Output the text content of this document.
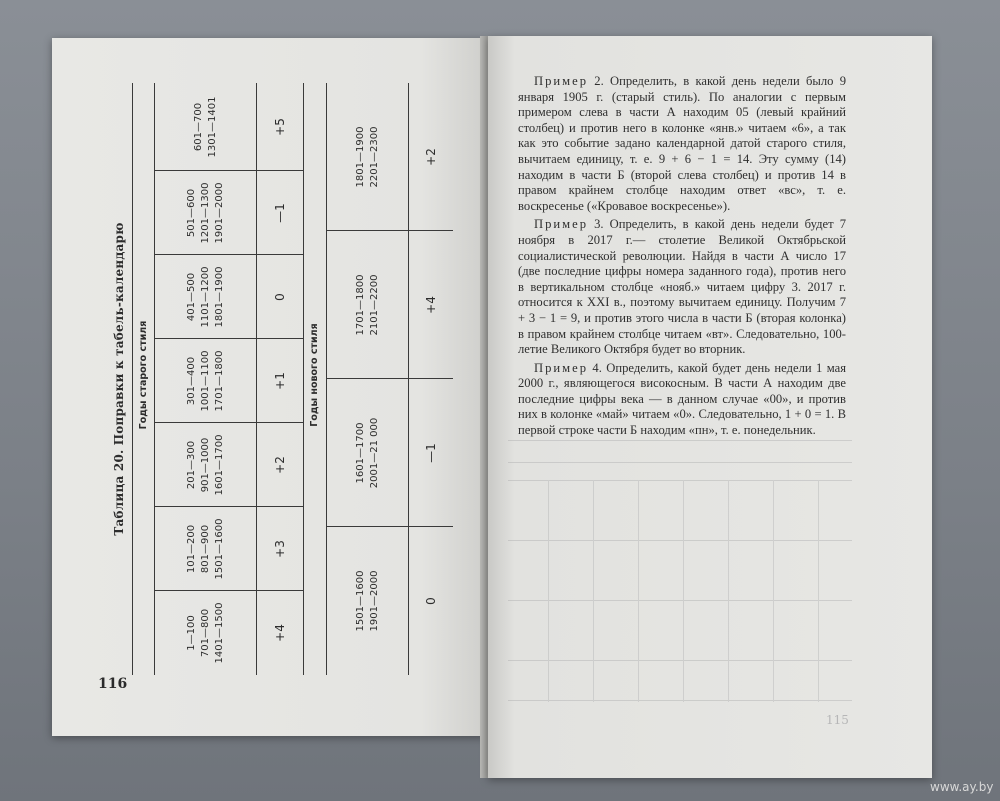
Таблица 20. Поправки к табель-календарю Годы старого стиля	Годы нового стиля
1—100 701—800 1401—1500
101—200 801—900 1501—1600
201—300 901—1000 1601—1700
301—400 1001—1100 1701—1800
401—500 1101—1200 1801—1900
501—600 1201—1300 1901—2000
601—700 1301—1401
+4
+3
+2
+1
0
—1
+5
1501—1600 1901—2000
1601—1700 2001—21 000
1701—1800 2101—2200
1801—1900 2201—2300
0
—1
+4
+2
116

Пример 2. Определить, в какой день недели было 9 января 1905 г. (старый стиль). По аналогии с первым примером слева в части А находим 05 (левый крайний столбец) и против него в колонке «янв.» читаем «6», а так как это событие задано календарной датой старого стиля, вычитаем единицу, т. е. 9 + 6 − 1 = 14. Эту сумму (14) находим в части Б (второй слева столбец) и против 14 в правом крайнем столбце находим ответ «вс», т. е. воскресенье («Кровавое воскресенье»).

Пример 3. Определить, в какой день недели будет 7 ноября в 2017 г.— столетие Великой Октябрьской социалистической революции. Найдя в части А число 17 (две последние цифры номера заданного года), против него в вертикальном столбце «нояб.» читаем цифру 3. 2017 г. относится к XXI в., поэтому вычитаем единицу. Получим 7 + 3 − 1 = 9, и против этого числа в части Б (вторая колонка) в правом крайнем столбце читаем «вт». Следовательно, 100-летие Великого Октября будет во вторник.

Пример 4. Определить, какой будет день недели 1 мая 2000 г., являющегося високосным. В части А находим две последние цифры века — в данном случае «00», и против них в колонке «май» читаем «0». Следовательно, 1 + 0 = 1. В первой строке части Б находим «пн», т. е. понедельник.

115
www.ay.by
